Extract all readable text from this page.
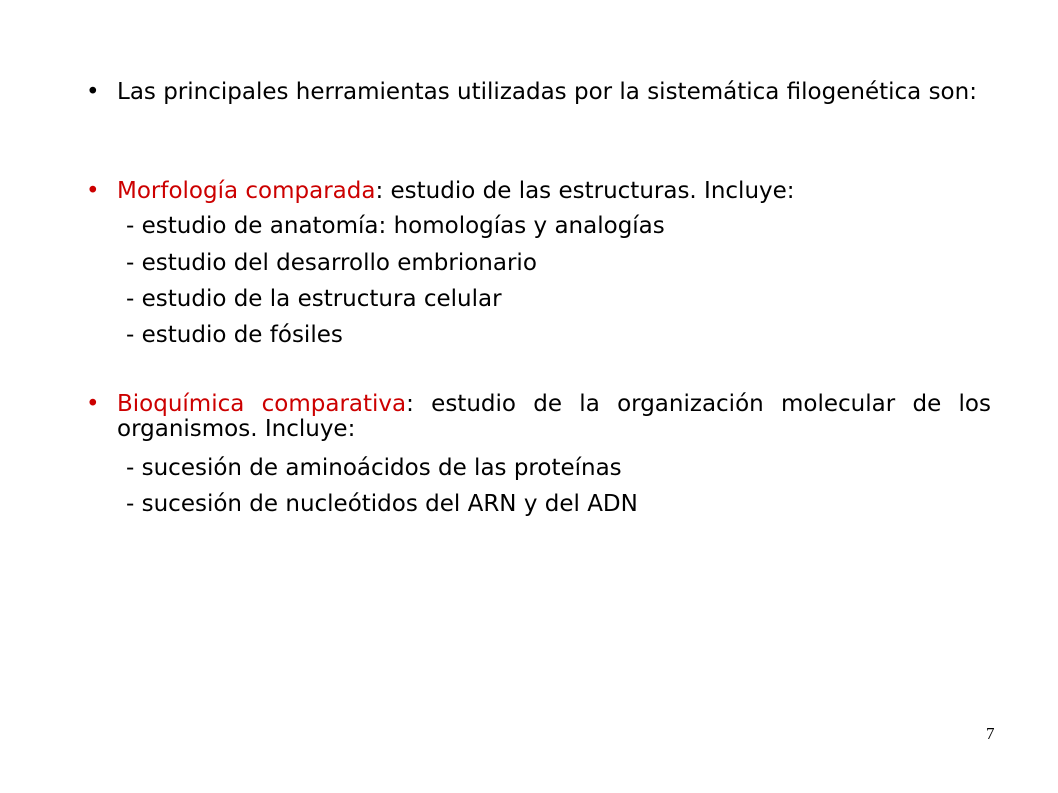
• Las principales herramientas utilizadas por la sistemática filogenética son:
• Morfología comparada: estudio de las estructuras. Incluye:
- estudio de anatomía: homologías y analogías
- estudio del desarrollo embrionario
- estudio de la estructura celular
- estudio de fósiles
• Bioquímica comparativa: estudio de la organización molecular de los organismos. Incluye:
- sucesión de aminoácidos de las proteínas
- sucesión de nucleótidos del ARN y del ADN
7
